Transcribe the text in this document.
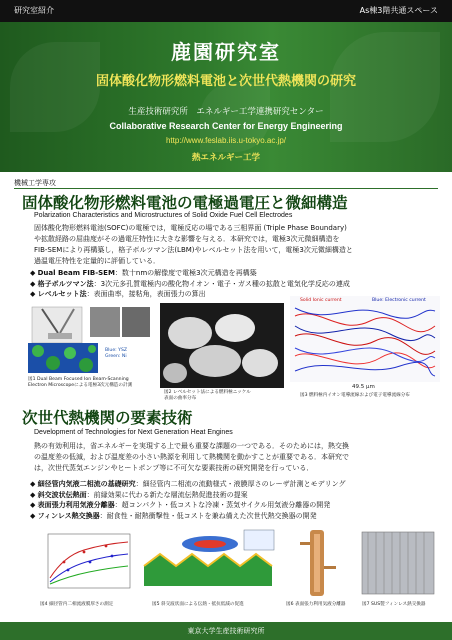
研究室紹介	As棟3階共通スペース
鹿園研究室
固体酸化物形燃料電池と次世代熱機関の研究
生産技術研究所　エネルギー工学連携研究センター
Collaborative Research Center for Energy Engineering
http://www.feslab.iis.u-tokyo.ac.jp/
熱エネルギー工学
機械工学専攻
固体酸化物形燃料電池の電極過電圧と微細構造
Polarization Characteristics and Microstructures of Solid Oxide Fuel Cell Electrodes
固体酸化物形燃料電池(SOFC)の電極では，電極反応の場である三相界面 (Triple Phase Boundary)
や拡散経路の屈曲度がその過電圧特性に大きな影響を与える．本研究では，電極3次元微細構造を
FIB-SEMにより再構築し，格子ボルツマン法(LBM)やレベルセット法を用いて，電極3次元微細構造と
過温電圧特性を定量的に評価している．
◆ Dual Beam FIB-SEM：数十nmの解像度で電極3次元構造を再構築
◆ 格子ボルツマン法：3次元多孔質電極内の酸化物イオン・電子・ガス種の拡散と電気化学反応の連成
◆ レベルセット法：表面曲率，接粘角，表面張力の算出
Blue: YSZ
Green: Ni
図1 Dual Beam Focused Ion Beam-Scanning
Electron Microscopeによる電極3次元構造の計測
図2 レベルセット法による燃料極ニッケル
表面の曲率分布
Solid Ionic current	Blue: Electronic current
49.5 μm
図3 燃料極内イオン電導流線および電子電導流線分布
次世代熱機関の要素技術
Development of Technologies for Next Generation Heat Engines
熱の有効利用は，省エネルギーを実現する上で最も重要な課題の一つである．そのためには，熱交換
の温度差の低減，および温度差の小さい熱源を利用して熱機関を動かすことが重要である．本研究で
は，次世代蒸気エンジンやヒートポンプ等に不可欠な要素技術の研究開発を行っている．
◆ 細径管内気液二相流の基礎研究：細径管内二相流の流動様式・液膜厚さのレーザ計測とモデリング
◆ 斜交波状伝熱面：前縁効果に代わる新たな層流伝熱促進技術の提案
◆ 表面張力利用気液分離器：超コンパクト・低コストな冷凍・蒸気サイクル用気液分離器の開発
◆ フィンレス熱交換器：耐食性・耐熱衝撃性・低コストを兼ね備えた次世代熱交換器の開発
図4 細径管内二相流液膜厚さの測定	図5 斜交波状面による伝熱・抵抗低減の促進	図6 表面張力利用気液分離器	図7 SUS製フィンレス熱交換器
東京大学生産技術研究所
